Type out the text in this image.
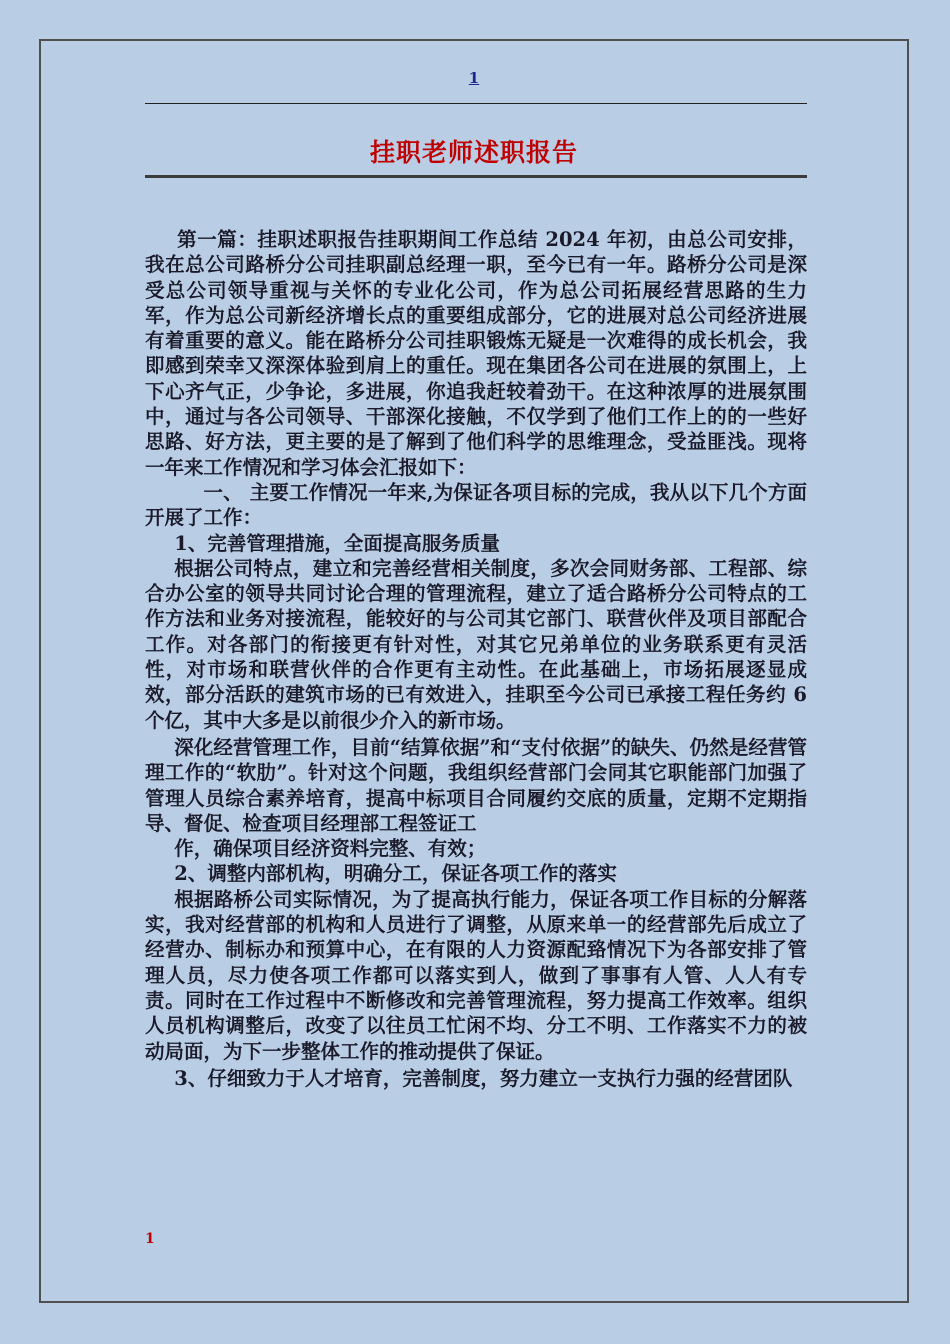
1
挂职老师述职报告

第一篇：挂职述职报告挂职期间工作总结 2024 年初，由总公司安排，我在总公司路桥分公司挂职副总经理一职，至今已有一年。路桥分公司是深受总公司领导重视与关怀的专业化公司，作为总公司拓展经营思路的生力军，作为总公司新经济增长点的重要组成部分，它的进展对总公司经济进展有着重要的意义。能在路桥分公司挂职锻炼无疑是一次难得的成长机会，我即感到荣幸又深深体验到肩上的重任。现在集团各公司在进展的氛围上，上下心齐气正，少争论，多进展，你追我赶较着劲干。在这种浓厚的进展氛围中，通过与各公司领导、干部深化接触，不仅学到了他们工作上的的一些好思路、好方法，更主要的是了解到了他们科学的思维理念，受益匪浅。现将一年来工作情况和学习体会汇报如下：

一、 主要工作情况一年来,为保证各项目标的完成，我从以下几个方面开展了工作：

1、完善管理措施，全面提高服务质量

根据公司特点，建立和完善经营相关制度，多次会同财务部、工程部、综合办公室的领导共同讨论合理的管理流程，建立了适合路桥分公司特点的工作方法和业务对接流程，能较好的与公司其它部门、联营伙伴及项目部配合工作。对各部门的衔接更有针对性，对其它兄弟单位的业务联系更有灵活性，对市场和联营伙伴的合作更有主动性。在此基础上，市场拓展逐显成效，部分活跃的建筑市场的已有效进入，挂职至今公司已承接工程任务约 6 个亿，其中大多是以前很少介入的新市场。

深化经营管理工作，目前“结算依据”和“支付依据”的缺失、仍然是经营管理工作的“软肋”。针对这个问题，我组织经营部门会同其它职能部门加强了管理人员综合素养培育，提高中标项目合同履约交底的质量，定期不定期指导、督促、检查项目经理部工程签证工

作，确保项目经济资料完整、有效；

2、调整内部机构，明确分工，保证各项工作的落实

根据路桥公司实际情况，为了提高执行能力，保证各项工作目标的分解落实，我对经营部的机构和人员进行了调整，从原来单一的经营部先后成立了经营办、制标办和预算中心，在有限的人力资源配臵情况下为各部安排了管理人员，尽力使各项工作都可以落实到人，做到了事事有人管、人人有专责。同时在工作过程中不断修改和完善管理流程，努力提高工作效率。组织人员机构调整后，改变了以往员工忙闲不均、分工不明、工作落实不力的被动局面，为下一步整体工作的推动提供了保证。

3、仔细致力于人才培育，完善制度，努力建立一支执行力强的经营团队

1
